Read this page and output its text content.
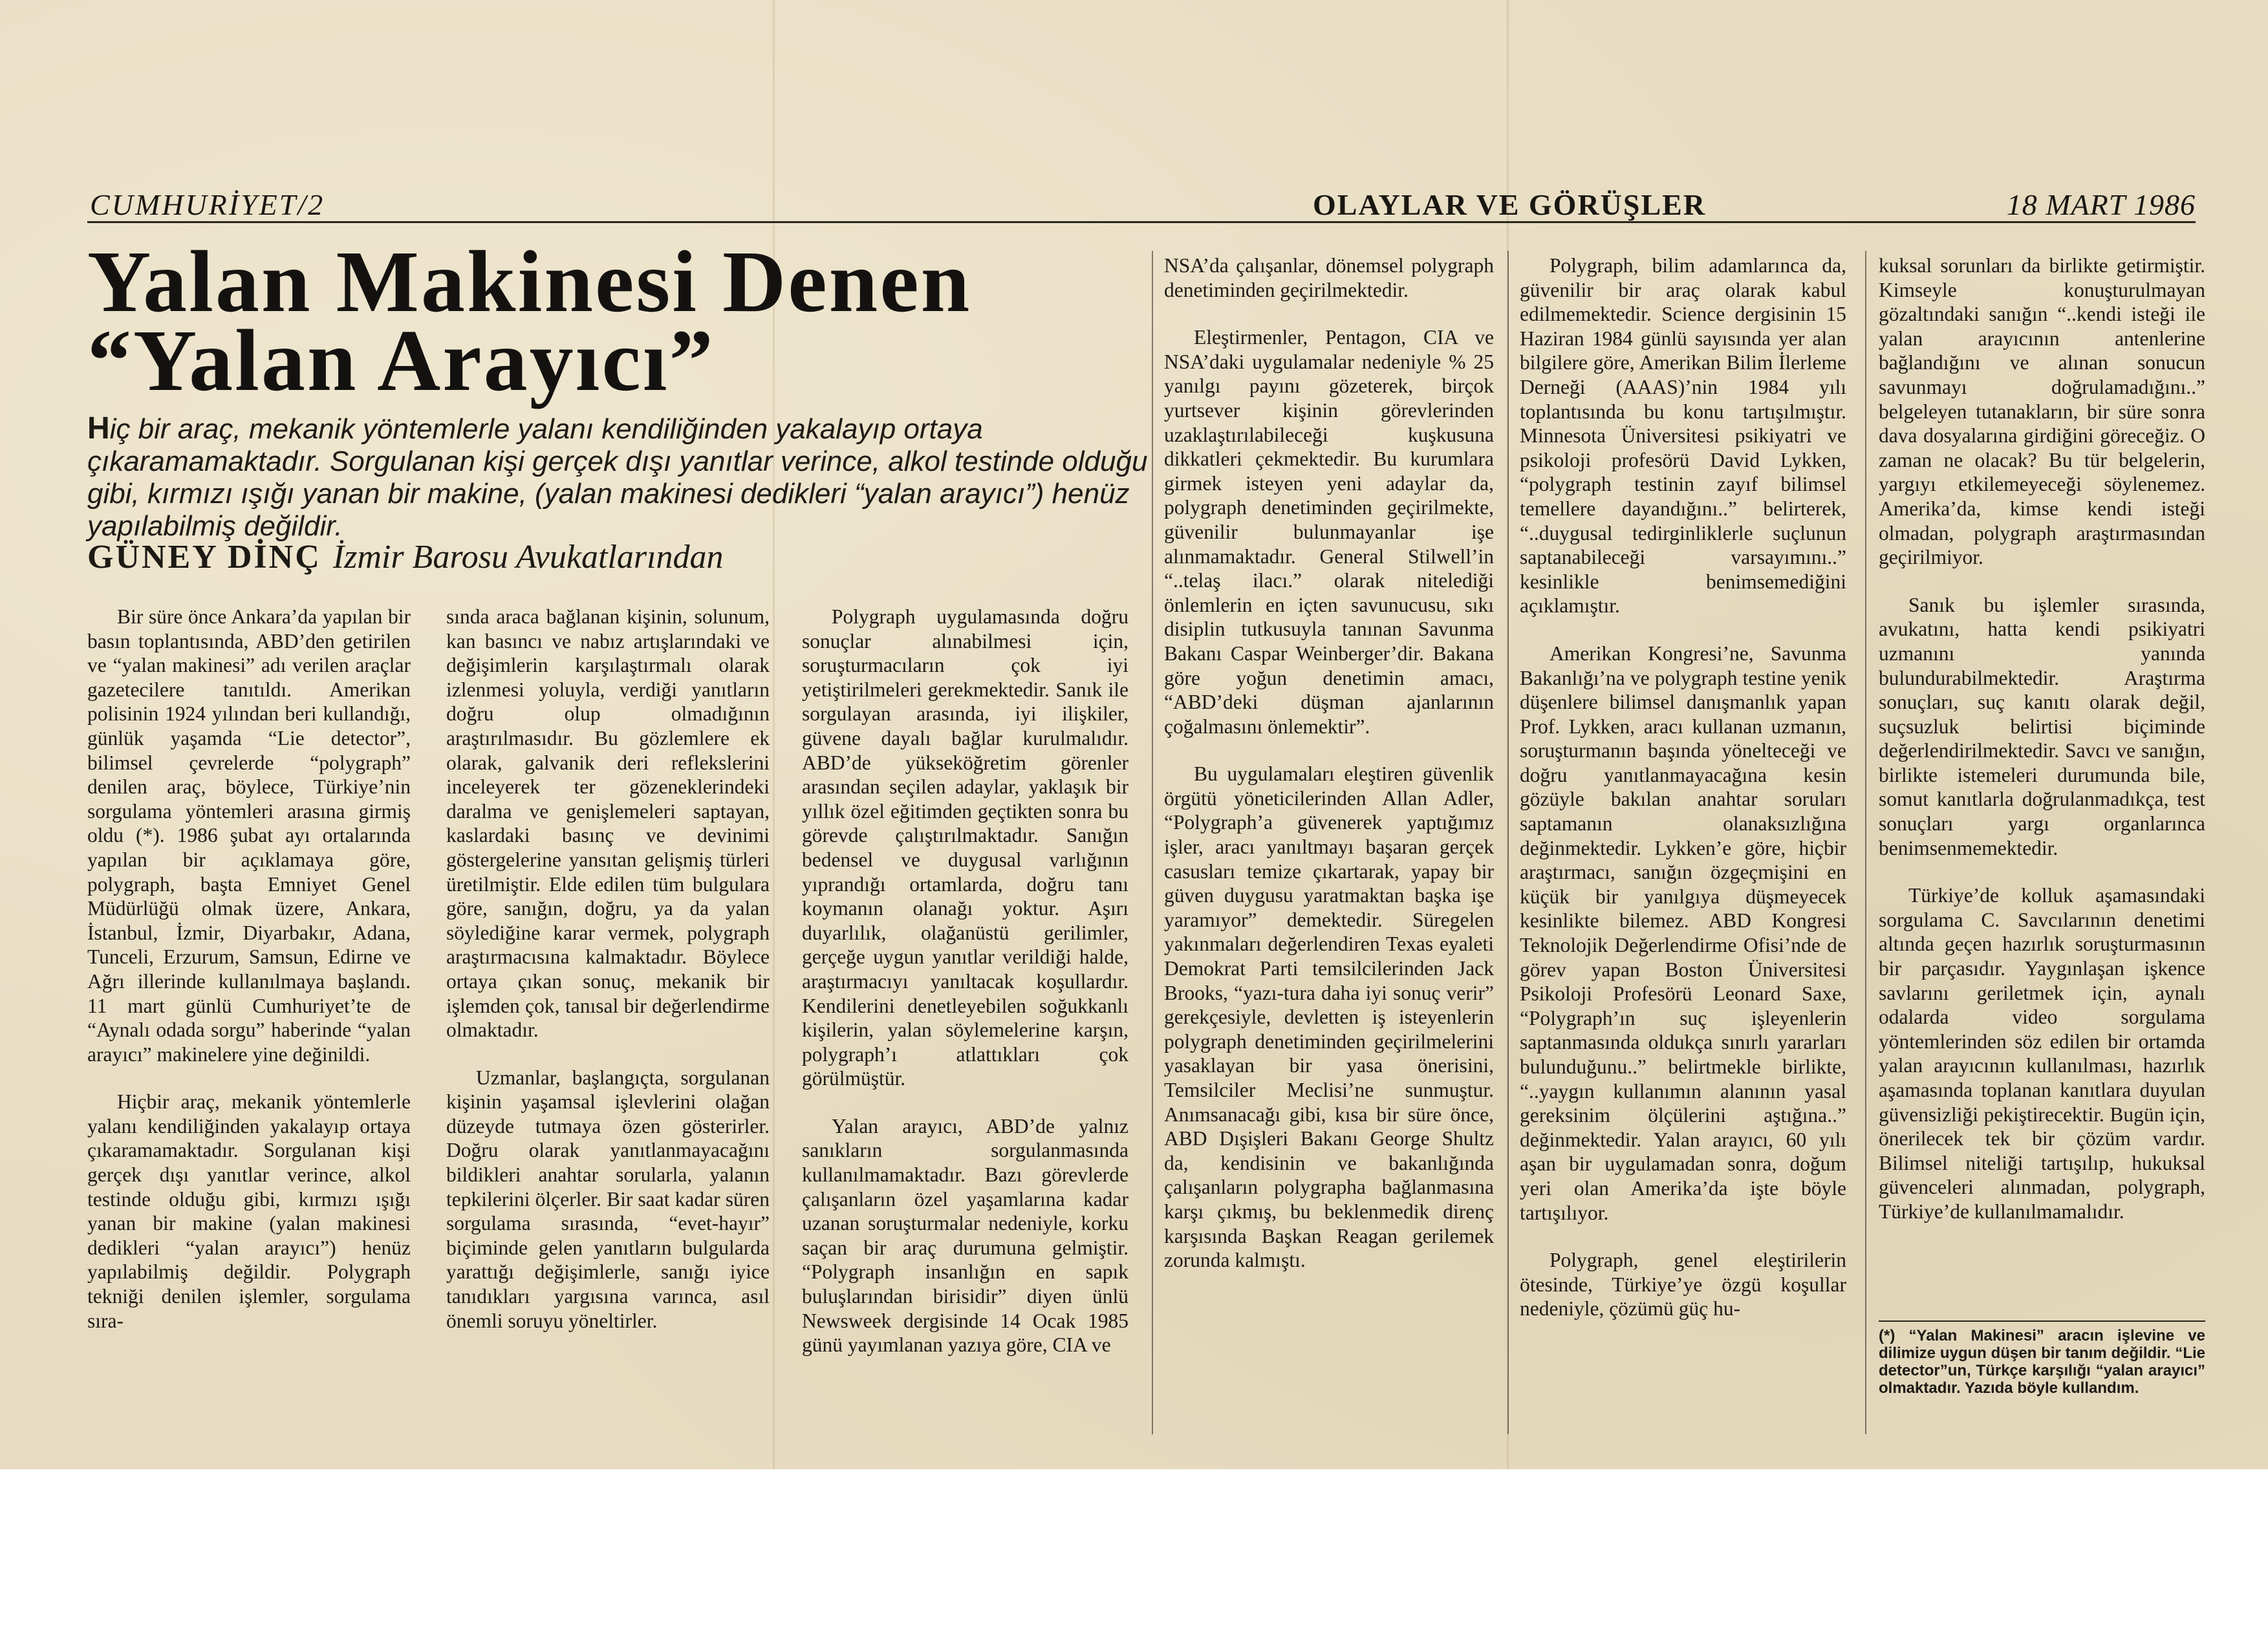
CUMHURİYET/2	OLAYLAR VE GÖRÜŞLER	18 MART 1986
Yalan Makinesi Denen
“Yalan Arayıcı”
Hiç bir araç, mekanik yöntemlerle yalanı kendiliğinden yakalayıp ortaya çıkaramamaktadır. Sorgulanan kişi gerçek dışı yanıtlar verince, alkol testinde olduğu gibi, kırmızı ışığı yanan bir makine, (yalan makinesi dedikleri “yalan arayıcı”) henüz yapılabilmiş değildir.
GÜNEY DİNÇ İzmir Barosu Avukatlarından

Bir süre önce Ankara’da yapılan bir basın toplantısında, ABD’den getirilen ve “yalan makinesi” adı verilen araçlar gazetecilere tanıtıldı. Amerikan polisinin 1924 yılından beri kullandığı, günlük yaşamda “Lie detector”, bilimsel çevrelerde “polygraph” denilen araç, böylece, Türkiye’nin sorgulama yöntemleri arasına girmiş oldu (*). 1986 şubat ayı ortalarında yapılan bir açıklamaya göre, polygraph, başta Emniyet Genel Müdürlüğü olmak üzere, Ankara, İstanbul, İzmir, Diyarbakır, Adana, Tunceli, Erzurum, Samsun, Edirne ve Ağrı illerinde kullanılmaya başlandı. 11 mart günlü Cumhuriyet’te de “Aynalı odada sorgu” haberinde “yalan arayıcı” makinelere yine değinildi.

Hiçbir araç, mekanik yöntemlerle yalanı kendiliğinden yakalayıp ortaya çıkaramamaktadır. Sorgulanan kişi gerçek dışı yanıtlar verince, alkol testinde olduğu gibi, kırmızı ışığı yanan bir makine (yalan makinesi dedikleri “yalan arayıcı”) henüz yapılabilmiş değildir. Polygraph tekniği denilen işlemler, sorgulama sıra-

sında araca bağlanan kişinin, solunum, kan basıncı ve nabız artışlarındaki ve değişimlerin karşılaştırmalı olarak izlenmesi yoluyla, verdiği yanıtların doğru olup olmadığının araştırılmasıdır. Bu gözlemlere ek olarak, galvanik deri reflekslerini inceleyerek ter gözeneklerindeki daralma ve genişlemeleri saptayan, kaslardaki basınç ve devinimi göstergelerine yansıtan gelişmiş türleri üretilmiştir. Elde edilen tüm bulgulara göre, sanığın, doğru, ya da yalan söylediğine karar vermek, polygraph araştırmacısına kalmaktadır. Böylece ortaya çıkan sonuç, mekanik bir işlemden çok, tanısal bir değerlendirme olmaktadır.

Uzmanlar, başlangıçta, sorgulanan kişinin yaşamsal işlevlerini olağan düzeyde tutmaya özen gösterirler. Doğru olarak yanıtlanmayacağını bildikleri anahtar sorularla, yalanın tepkilerini ölçerler. Bir saat kadar süren sorgulama sırasında, “evet-hayır” biçiminde gelen yanıtların bulgularda yarattığı değişimlerle, sanığı iyice tanıdıkları yargısına varınca, asıl önemli soruyu yöneltirler.

Polygraph uygulamasında doğru sonuçlar alınabilmesi için, soruşturmacıların çok iyi yetiştirilmeleri gerekmektedir. Sanık ile sorgulayan arasında, iyi ilişkiler, güvene dayalı bağlar kurulmalıdır. ABD’de yükseköğretim görenler arasından seçilen adaylar, yaklaşık bir yıllık özel eğitimden geçtikten sonra bu görevde çalıştırılmaktadır. Sanığın bedensel ve duygusal varlığının yıprandığı ortamlarda, doğru tanı koymanın olanağı yoktur. Aşırı duyarlılık, olağanüstü gerilimler, gerçeğe uygun yanıtlar verildiği halde, araştırmacıyı yanıltacak koşullardır. Kendilerini denetleyebilen soğukkanlı kişilerin, yalan söylemelerine karşın, polygraph’ı atlattıkları çok görülmüştür.

Yalan arayıcı, ABD’de yalnız sanıkların sorgulanmasında kullanılmamaktadır. Bazı görevlerde çalışanların özel yaşamlarına kadar uzanan soruşturmalar nedeniyle, korku saçan bir araç durumuna gelmiştir. “Polygraph insanlığın en sapık buluşlarından birisidir” diyen ünlü Newsweek dergisinde 14 Ocak 1985 günü yayımlanan yazıya göre, CIA ve

NSA’da çalışanlar, dönemsel polygraph denetiminden geçirilmektedir.

Eleştirmenler, Pentagon, CIA ve NSA’daki uygulamalar nedeniyle % 25 yanılgı payını gözeterek, birçok yurtsever kişinin görevlerinden uzaklaştırılabileceği kuşkusuna dikkatleri çekmektedir. Bu kurumlara girmek isteyen yeni adaylar da, polygraph denetiminden geçirilmekte, güvenilir bulunmayanlar işe alınmamaktadır. General Stilwell’in “..telaş ilacı.” olarak nitelediği önlemlerin en içten savunucusu, sıkı disiplin tutkusuyla tanınan Savunma Bakanı Caspar Weinberger’dir. Bakana göre yoğun denetimin amacı, “ABD’deki düşman ajanlarının çoğalmasını önlemektir”.

Bu uygulamaları eleştiren güvenlik örgütü yöneticilerinden Allan Adler, “Polygraph’a güvenerek yaptığımız işler, aracı yanıltmayı başaran gerçek casusları temize çıkartarak, yapay bir güven duygusu yaratmaktan başka işe yaramıyor” demektedir. Süregelen yakınmaları değerlendiren Texas eyaleti Demokrat Parti temsilcilerinden Jack Brooks, “yazı-tura daha iyi sonuç verir” gerekçesiyle, devletten iş isteyenlerin polygraph denetiminden geçirilmelerini yasaklayan bir yasa önerisini, Temsilciler Meclisi’ne sunmuştur. Anımsanacağı gibi, kısa bir süre önce, ABD Dışişleri Bakanı George Shultz da, kendisinin ve bakanlığında çalışanların polygrapha bağlanmasına karşı çıkmış, bu beklenmedik direnç karşısında Başkan Reagan gerilemek zorunda kalmıştı.

Polygraph, bilim adamlarınca da, güvenilir bir araç olarak kabul edilmemektedir. Science dergisinin 15 Haziran 1984 günlü sayısında yer alan bilgilere göre, Amerikan Bilim İlerleme Derneği (AAAS)’nin 1984 yılı toplantısında bu konu tartışılmıştır. Minnesota Üniversitesi psikiyatri ve psikoloji profesörü David Lykken, “polygraph testinin zayıf bilimsel temellere dayandığını..” belirterek, “..duygusal tedirginliklerle suçlunun saptanabileceği varsayımını..” kesinlikle benimsemediğini açıklamıştır.

Amerikan Kongresi’ne, Savunma Bakanlığı’na ve polygraph testine yenik düşenlere bilimsel danışmanlık yapan Prof. Lykken, aracı kullanan uzmanın, soruşturmanın başında yönelteceği ve doğru yanıtlanmayacağına kesin gözüyle bakılan anahtar soruları saptamanın olanaksızlığına değinmektedir. Lykken’e göre, hiçbir araştırmacı, sanığın özgeçmişini en küçük bir yanılgıya düşmeyecek kesinlikte bilemez. ABD Kongresi Teknolojik Değerlendirme Ofisi’nde de görev yapan Boston Üniversitesi Psikoloji Profesörü Leonard Saxe, “Polygraph’ın suç işleyenlerin saptanmasında oldukça sınırlı yararları bulunduğunu..” belirtmekle birlikte, “..yaygın kullanımın alanının yasal gereksinim ölçülerini aştığına..” değinmektedir. Yalan arayıcı, 60 yılı aşan bir uygulamadan sonra, doğum yeri olan Amerika’da işte böyle tartışılıyor.

Polygraph, genel eleştirilerin ötesinde, Türkiye’ye özgü koşullar nedeniyle, çözümü güç hu-

kuksal sorunları da birlikte getirmiştir. Kimseyle konuşturulmayan gözaltındaki sanığın “..kendi isteği ile yalan arayıcının antenlerine bağlandığını ve alınan sonucun savunmayı doğrulamadığını..” belgeleyen tutanakların, bir süre sonra dava dosyalarına girdiğini göreceğiz. O zaman ne olacak? Bu tür belgelerin, yargıyı etkilemeyeceği söylenemez. Amerika’da, kimse kendi isteği olmadan, polygraph araştırmasından geçirilmiyor.

Sanık bu işlemler sırasında, avukatını, hatta kendi psikiyatri uzmanını yanında bulundurabilmektedir. Araştırma sonuçları, suç kanıtı olarak değil, suçsuzluk belirtisi biçiminde değerlendirilmektedir. Savcı ve sanığın, birlikte istemeleri durumunda bile, somut kanıtlarla doğrulanmadıkça, test sonuçları yargı organlarınca benimsenmemektedir.

Türkiye’de kolluk aşamasındaki sorgulama C. Savcılarının denetimi altında geçen hazırlık soruşturmasının bir parçasıdır. Yaygınlaşan işkence savlarını geriletmek için, aynalı odalarda video sorgulama yöntemlerinden söz edilen bir ortamda yalan arayıcının kullanılması, hazırlık aşamasında toplanan kanıtlara duyulan güvensizliği pekiştirecektir. Bugün için, önerilecek tek bir çözüm vardır. Bilimsel niteliği tartışılıp, hukuksal güvenceleri alınmadan, polygraph, Türkiye’de kullanılmamalıdır.

(*) “Yalan Makinesi” aracın işlevine ve dilimize uygun düşen bir tanım değildir. “Lie detector”un, Türkçe karşılığı “yalan arayıcı” olmaktadır. Yazıda böyle kullandım.
